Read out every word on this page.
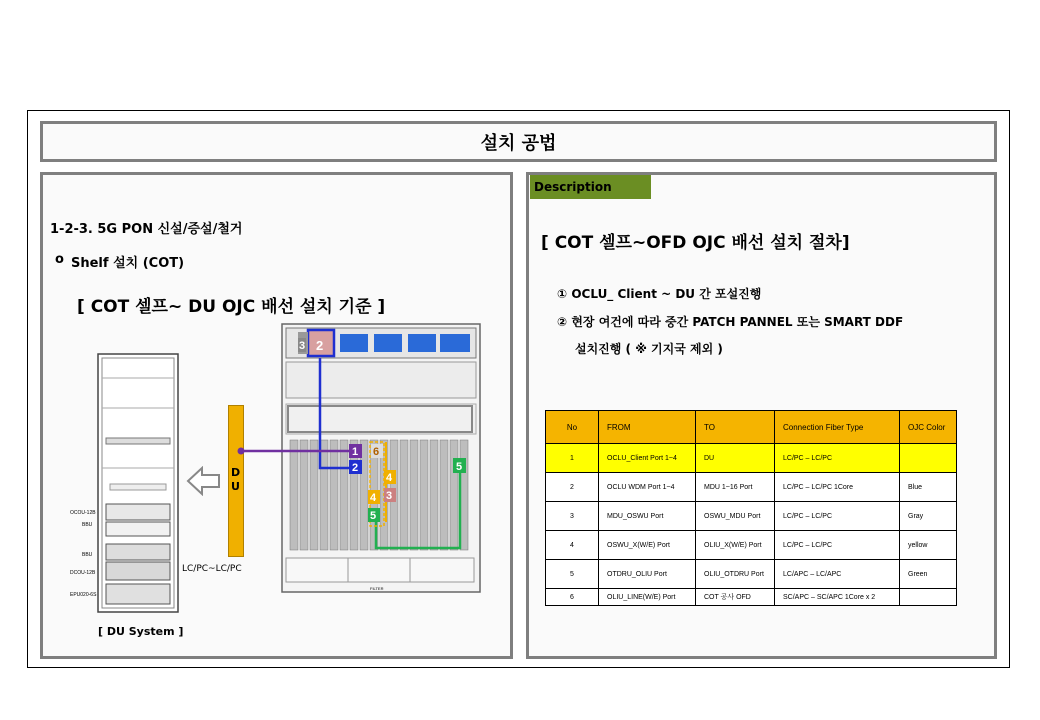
설치 공법
1-2-3. 5G PON 신설/증설/철거
o Shelf 설치 (COT)
[ COT 셀프~ DU OJC 배선 설치 기준 ]
OCOU-12B
BBU
BBU
DCOU-12B
EPU020-6S
DU
LC/PC~LC/PC
[ DU System ]
FILTER
3 2
1
2
6
4
4 3
5
5
Description
[ COT 셀프~OFD OJC 배선 설치 절차]
① OCLU_ Client ~ DU 간 포설진행
② 현장 여건에 따라 중간 PATCH PANNEL 또는 SMART DDF
설치진행 ( ※ 기지국 제외 )
No	FROM	TO	Connection Fiber Type	OJC Color
1	OCLU_Client Port 1~4	DU	LC/PC – LC/PC	
2	OCLU WDM Port 1~4	MDU 1~16 Port	LC/PC – LC/PC 1Core	Blue
3	MDU_OSWU Port	OSWU_MDU Port	LC/PC – LC/PC	Gray
4	OSWU_X(W/E) Port	OLIU_X(W/E) Port	LC/PC – LC/PC	yellow
5	OTDRU_OLIU Port	OLIU_OTDRU Port	LC/APC – LC/APC	Green
6	OLIU_LINE(W/E) Port	COT 공사 OFD	SC/APC – SC/APC 1Core x 2	
